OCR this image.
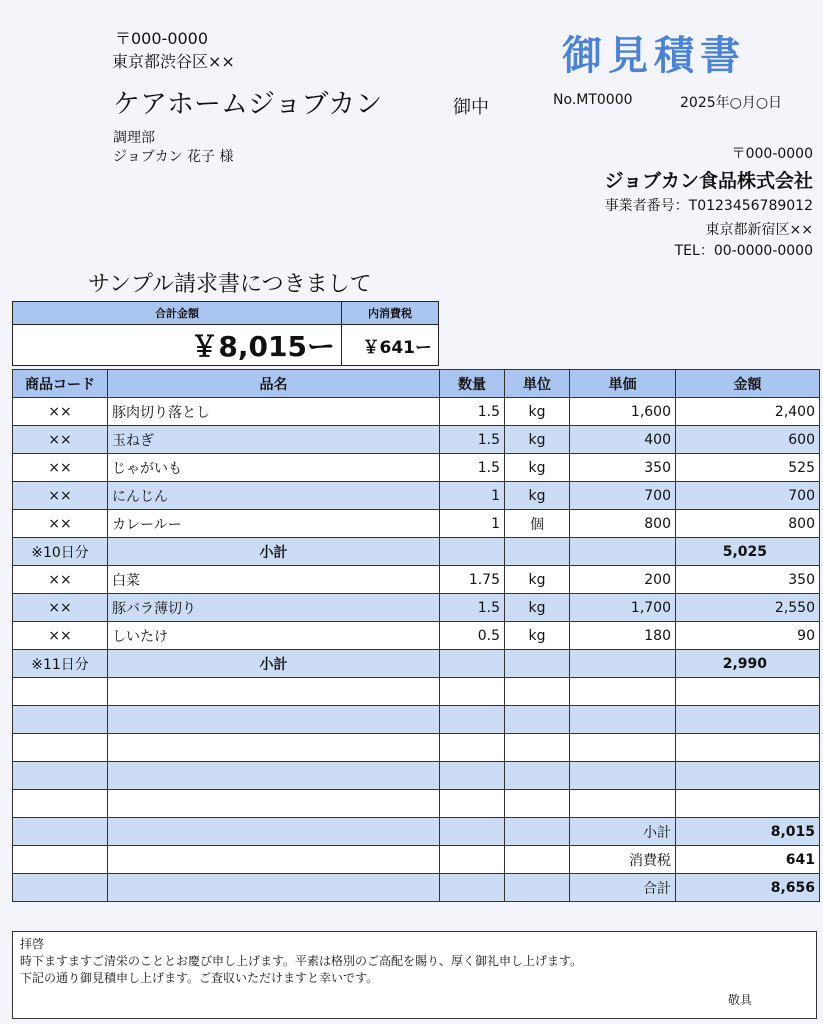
〒000-0000
東京都渋谷区××
ケアホームジョブカン	御中
調理部
ジョブカン 花子 様
御見積書
No.MT0000	2025年○月○日
〒000-0000
ジョブカン食品株式会社
事業者番号：T0123456789012
東京都新宿区××
TEL：00-0000-0000
サンプル請求書につきまして
合計金額	内消費税
￥8,015ー	￥641ー
商品コード	品名	数量	単位	単価	金額
××	豚肉切り落とし	1.5	kg	1,600	2,400
××	玉ねぎ	1.5	kg	400	600
××	じゃがいも	1.5	kg	350	525
××	にんじん	1	kg	700	700
××	カレールー	1	個	800	800
※10日分	小計				5,025
××	白菜	1.75	kg	200	350
××	豚バラ薄切り	1.5	kg	1,700	2,550
××	しいたけ	0.5	kg	180	90
※11日分	小計				2,990

				小計	8,015
				消費税	641
				合計	8,656
拝啓
時下ますますご清栄のこととお慶び申し上げます。平素は格別のご高配を賜り、厚く御礼申し上げます。
下記の通り御見積申し上げます。ご査収いただけますと幸いです。
敬具
